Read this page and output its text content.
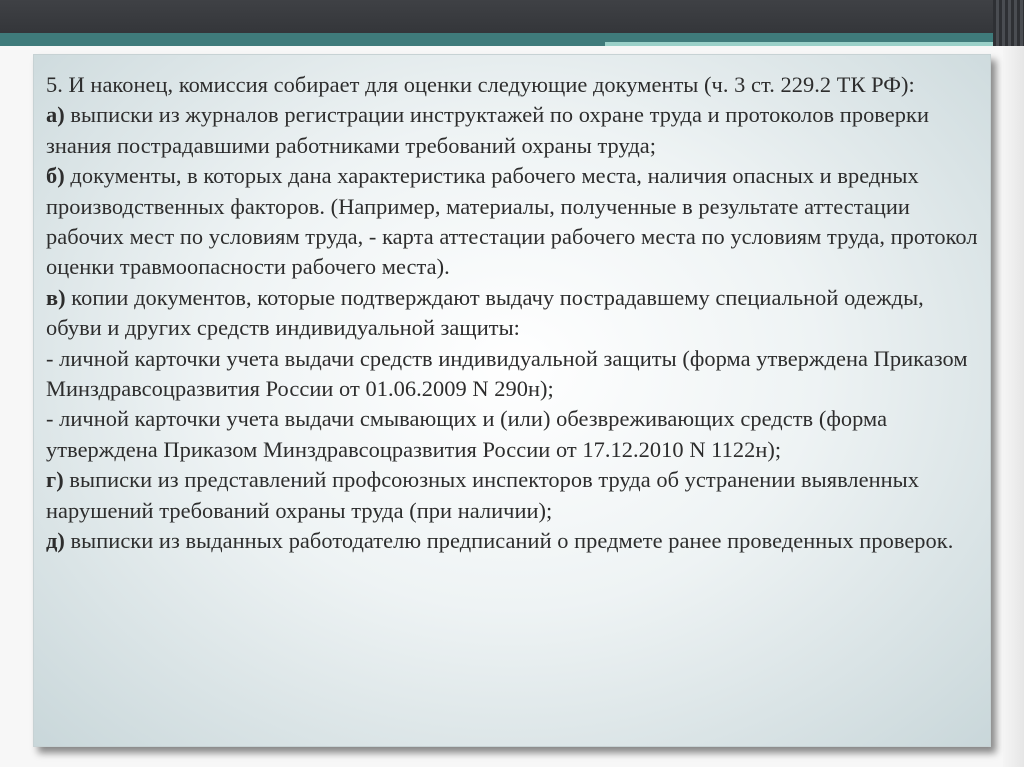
5. И наконец, комиссия собирает для оценки следующие документы (ч. 3 ст. 229.2 ТК РФ):
а) выписки из журналов регистрации инструктажей по охране труда и протоколов проверки знания пострадавшими работниками требований охраны труда;
б) документы, в которых дана характеристика рабочего места, наличия опасных и вредных производственных факторов. (Например, материалы, полученные в результате аттестации рабочих мест по условиям труда, - карта аттестации рабочего места по условиям труда, протокол оценки травмоопасности рабочего места).
в) копии документов, которые подтверждают выдачу пострадавшему специальной одежды, обуви и других средств индивидуальной защиты:
- личной карточки учета выдачи средств индивидуальной защиты (форма утверждена Приказом Минздравсоцразвития России от 01.06.2009 N 290н);
- личной карточки учета выдачи смывающих и (или) обезвреживающих средств (форма утверждена Приказом Минздравсоцразвития России от 17.12.2010 N 1122н);
г) выписки из представлений профсоюзных инспекторов труда об устранении выявленных нарушений требований охраны труда (при наличии);
д) выписки из выданных работодателю предписаний о предмете ранее проведенных проверок.
